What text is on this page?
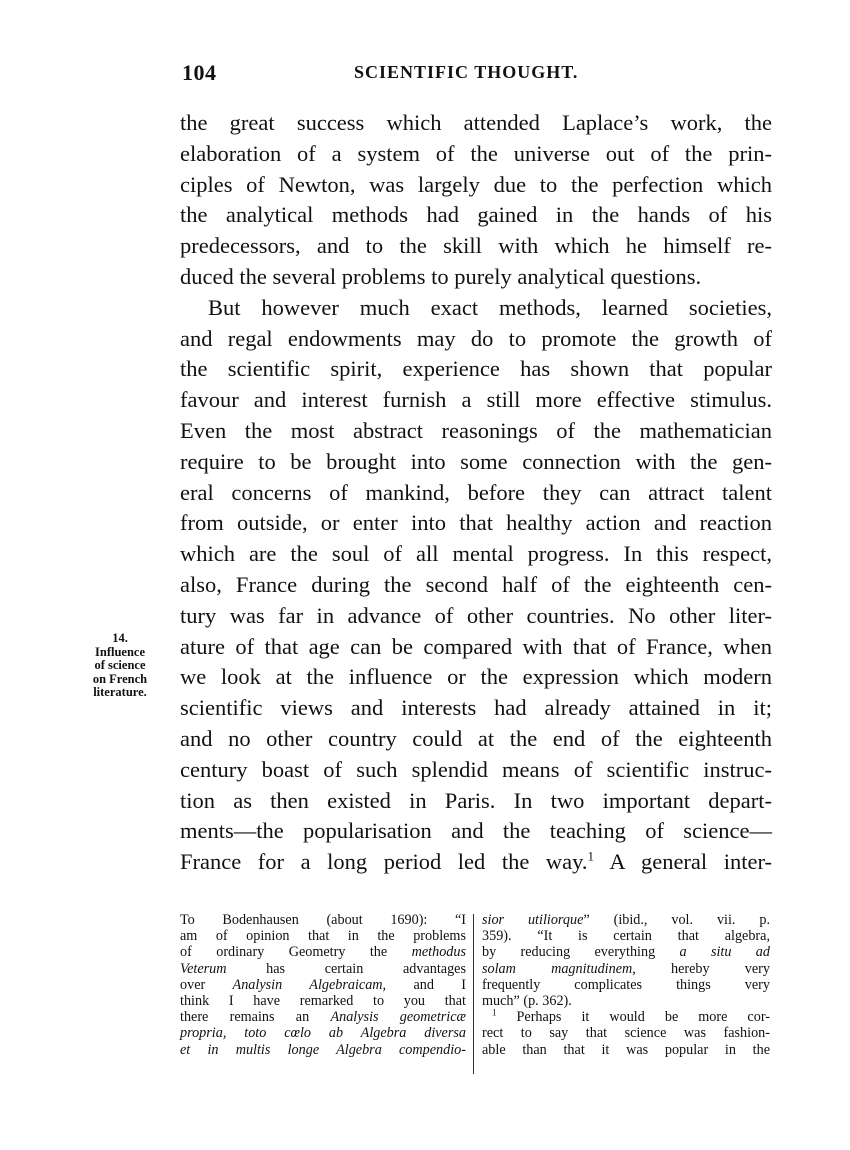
104	SCIENTIFIC THOUGHT.
14.
Influence
of science
on French
literature.
the great success which attended Laplace’s work, the
elaboration of a system of the universe out of the prin-
ciples of Newton, was largely due to the perfection which
the analytical methods had gained in the hands of his
predecessors, and to the skill with which he himself re-
duced the several problems to purely analytical questions.
But however much exact methods, learned societies,
and regal endowments may do to promote the growth of
the scientific spirit, experience has shown that popular
favour and interest furnish a still more effective stimulus.
Even the most abstract reasonings of the mathematician
require to be brought into some connection with the gen-
eral concerns of mankind, before they can attract talent
from outside, or enter into that healthy action and reaction
which are the soul of all mental progress. In this respect,
also, France during the second half of the eighteenth cen-
tury was far in advance of other countries. No other liter-
ature of that age can be compared with that of France, when
we look at the influence or the expression which modern
scientific views and interests had already attained in it;
and no other country could at the end of the eighteenth
century boast of such splendid means of scientific instruc-
tion as then existed in Paris. In two important depart-
ments—the popularisation and the teaching of science—
France for a long period led the way.$^1$ A general inter-
To Bodenhausen (about 1690): “I
am of opinion that in the problems
of ordinary Geometry the methodus
Veterum has certain advantages
over Analysin Algebraicam, and I
think I have remarked to you that
there remains an Analysis geometricæ
propria, toto cœlo ab Algebra diversa
et in multis longe Algebra compendio-
sior utiliorque” (ibid., vol. vii. p.
359). “It is certain that algebra,
by reducing everything a situ ad
solam magnitudinem, hereby very
frequently complicates things very
much” (p. 362).
$^1$ Perhaps it would be more cor-
rect to say that science was fashion-
able than that it was popular in the
